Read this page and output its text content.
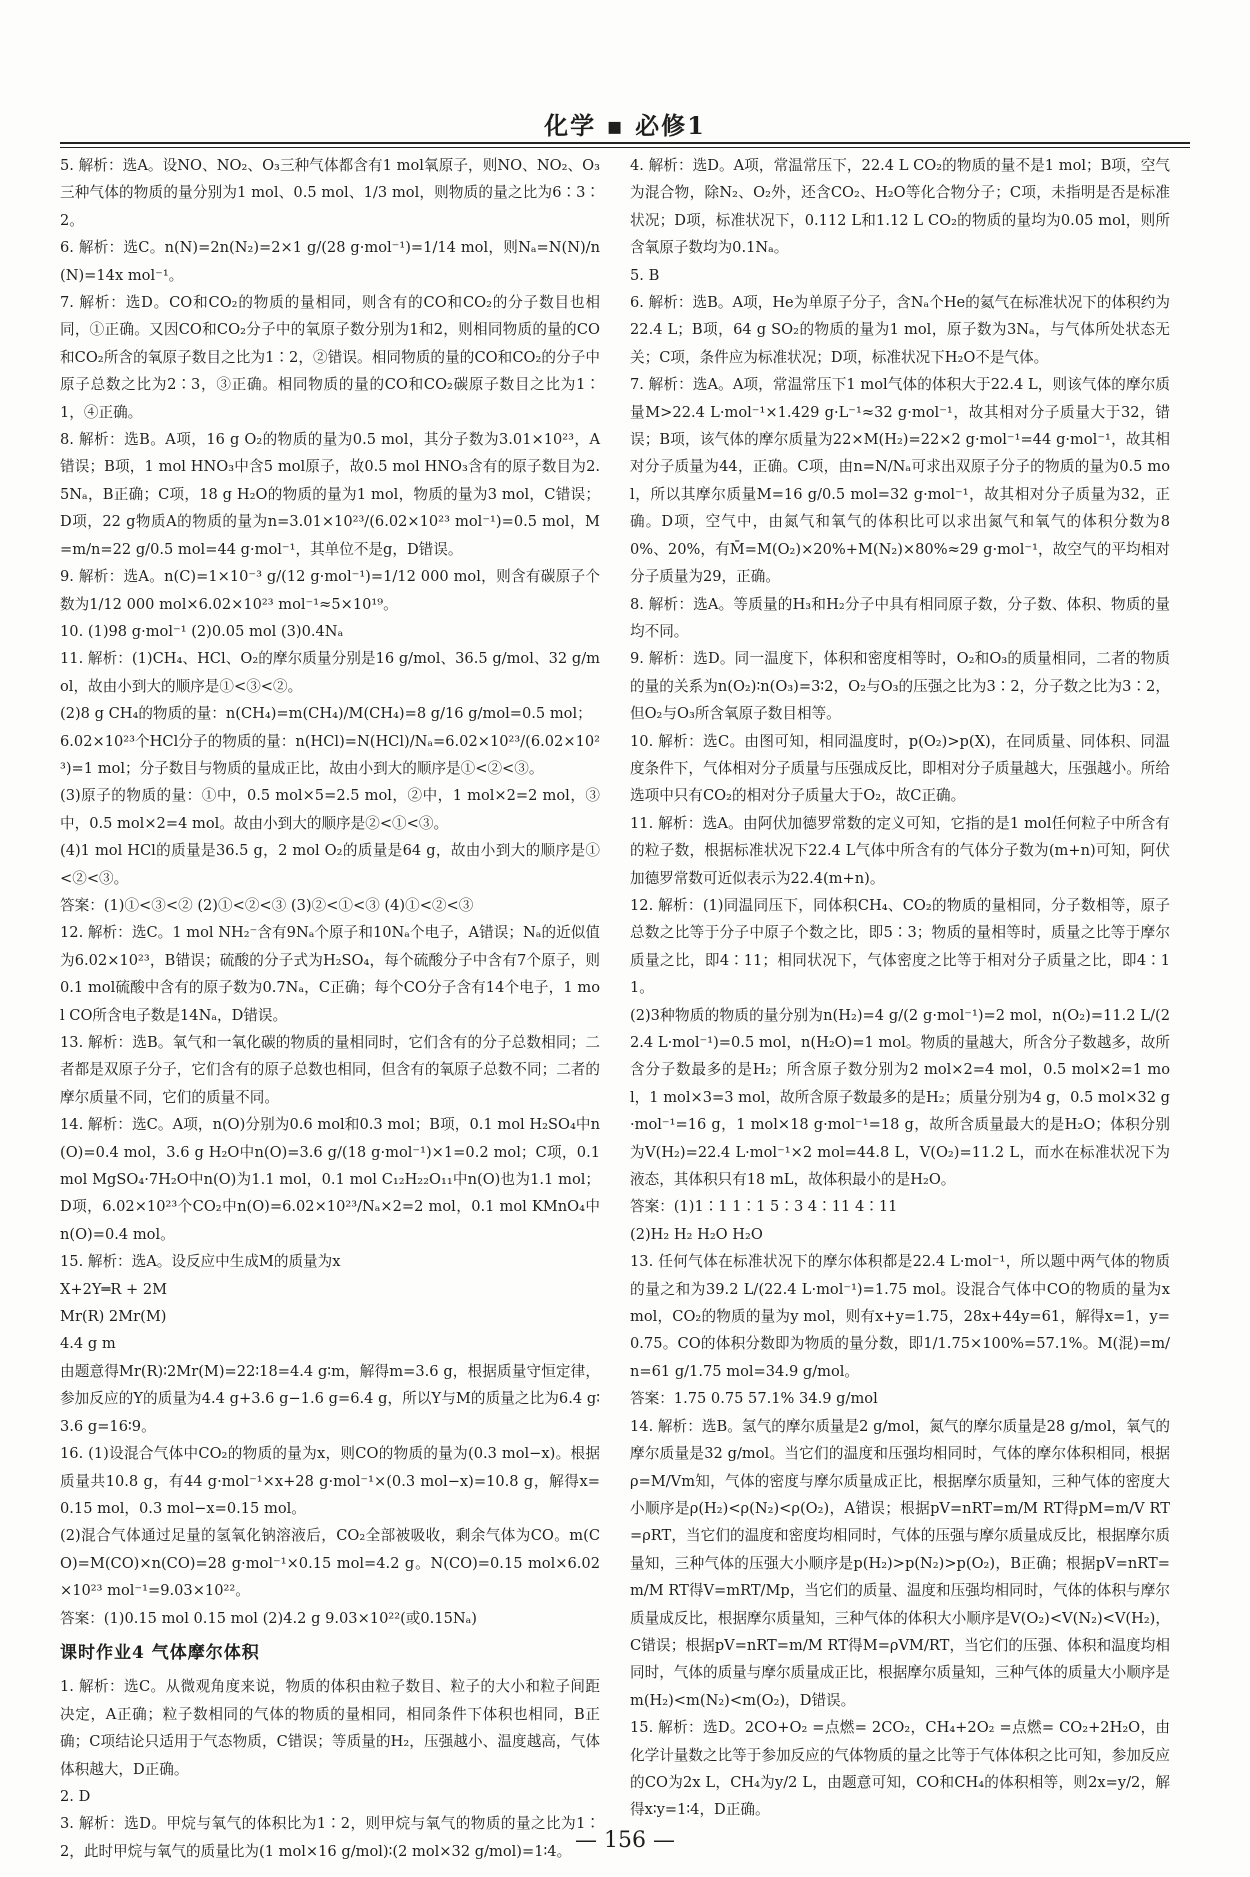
化学 ▪ 必修1

5. 解析：选A。设NO、NO₂、O₃三种气体都含有1 mol氧原子，则NO、NO₂、O₃三种气体的物质的量分别为1 mol、0.5 mol、1/3 mol，则物质的量之比为6∶3∶2。

6. 解析：选C。n(N)=2n(N₂)=2×1 g/(28 g·mol⁻¹)=1/14 mol，则Nₐ=N(N)/n(N)=14x mol⁻¹。

7. 解析：选D。CO和CO₂的物质的量相同，则含有的CO和CO₂的分子数目也相同，①正确。又因CO和CO₂分子中的氧原子数分别为1和2，则相同物质的量的CO和CO₂所含的氧原子数目之比为1∶2，②错误。相同物质的量的CO和CO₂的分子中原子总数之比为2∶3，③正确。相同物质的量的CO和CO₂碳原子数目之比为1∶1，④正确。

8. 解析：选B。A项，16 g O₂的物质的量为0.5 mol，其分子数为3.01×10²³，A错误；B项，1 mol HNO₃中含5 mol原子，故0.5 mol HNO₃含有的原子数目为2.5Nₐ，B正确；C项，18 g H₂O的物质的量为1 mol，物质的量为3 mol，C错误；D项，22 g物质A的物质的量为n=3.01×10²³/(6.02×10²³ mol⁻¹)=0.5 mol，M=m/n=22 g/0.5 mol=44 g·mol⁻¹，其单位不是g，D错误。

9. 解析：选A。n(C)=1×10⁻³ g/(12 g·mol⁻¹)=1/12 000 mol，则含有碳原子个数为1/12 000 mol×6.02×10²³ mol⁻¹≈5×10¹⁹。

10. (1)98 g·mol⁻¹ (2)0.05 mol (3)0.4Nₐ

11. 解析：(1)CH₄、HCl、O₂的摩尔质量分别是16 g/mol、36.5 g/mol、32 g/mol，故由小到大的顺序是①<③<②。

(2)8 g CH₄的物质的量：n(CH₄)=m(CH₄)/M(CH₄)=8 g/16 g/mol=0.5 mol；

6.02×10²³个HCl分子的物质的量：n(HCl)=N(HCl)/Nₐ=6.02×10²³/(6.02×10²³)=1 mol；分子数目与物质的量成正比，故由小到大的顺序是①<②<③。

(3)原子的物质的量：①中，0.5 mol×5=2.5 mol，②中，1 mol×2=2 mol，③中，0.5 mol×2=4 mol。故由小到大的顺序是②<①<③。

(4)1 mol HCl的质量是36.5 g，2 mol O₂的质量是64 g，故由小到大的顺序是①<②<③。

答案：(1)①<③<② (2)①<②<③ (3)②<①<③ (4)①<②<③

12. 解析：选C。1 mol NH₂⁻含有9Nₐ个原子和10Nₐ个电子，A错误；Nₐ的近似值为6.02×10²³，B错误；硫酸的分子式为H₂SO₄，每个硫酸分子中含有7个原子，则0.1 mol硫酸中含有的原子数为0.7Nₐ，C正确；每个CO分子含有14个电子，1 mol CO所含电子数是14Nₐ，D错误。

13. 解析：选B。氧气和一氧化碳的物质的量相同时，它们含有的分子总数相同；二者都是双原子分子，它们含有的原子总数也相同，但含有的氧原子总数不同；二者的摩尔质量不同，它们的质量不同。

14. 解析：选C。A项，n(O)分别为0.6 mol和0.3 mol；B项，0.1 mol H₂SO₄中n(O)=0.4 mol，3.6 g H₂O中n(O)=3.6 g/(18 g·mol⁻¹)×1=0.2 mol；C项，0.1 mol MgSO₄·7H₂O中n(O)为1.1 mol，0.1 mol C₁₂H₂₂O₁₁中n(O)也为1.1 mol；D项，6.02×10²³个CO₂中n(O)=6.02×10²³/Nₐ×2=2 mol，0.1 mol KMnO₄中n(O)=0.4 mol。

15. 解析：选A。设反应中生成M的质量为x

X+2Y═R + 2M

Mr(R) 2Mr(M)

4.4 g m

由题意得Mr(R)∶2Mr(M)=22∶18=4.4 g∶m，解得m=3.6 g，根据质量守恒定律，参加反应的Y的质量为4.4 g+3.6 g−1.6 g=6.4 g，所以Y与M的质量之比为6.4 g∶3.6 g=16∶9。

16. (1)设混合气体中CO₂的物质的量为x，则CO的物质的量为(0.3 mol−x)。根据质量共10.8 g，有44 g·mol⁻¹×x+28 g·mol⁻¹×(0.3 mol−x)=10.8 g，解得x=0.15 mol，0.3 mol−x=0.15 mol。

(2)混合气体通过足量的氢氧化钠溶液后，CO₂全部被吸收，剩余气体为CO。m(CO)=M(CO)×n(CO)=28 g·mol⁻¹×0.15 mol=4.2 g。N(CO)=0.15 mol×6.02×10²³ mol⁻¹=9.03×10²²。

答案：(1)0.15 mol 0.15 mol (2)4.2 g 9.03×10²²(或0.15Nₐ)

课时作业4 气体摩尔体积

1. 解析：选C。从微观角度来说，物质的体积由粒子数目、粒子的大小和粒子间距决定，A正确；粒子数相同的气体的物质的量相同，相同条件下体积也相同，B正确；C项结论只适用于气态物质，C错误；等质量的H₂，压强越小、温度越高，气体体积越大，D正确。

2. D

3. 解析：选D。甲烷与氧气的体积比为1∶2，则甲烷与氧气的物质的量之比为1∶2，此时甲烷与氧气的质量比为(1 mol×16 g/mol)∶(2 mol×32 g/mol)=1∶4。

4. 解析：选D。A项，常温常压下，22.4 L CO₂的物质的量不是1 mol；B项，空气为混合物，除N₂、O₂外，还含CO₂、H₂O等化合物分子；C项，未指明是否是标准状况；D项，标准状况下，0.112 L和1.12 L CO₂的物质的量均为0.05 mol，则所含氧原子数均为0.1Nₐ。

5. B

6. 解析：选B。A项，He为单原子分子，含Nₐ个He的氦气在标准状况下的体积约为22.4 L；B项，64 g SO₂的物质的量为1 mol，原子数为3Nₐ，与气体所处状态无关；C项，条件应为标准状况；D项，标准状况下H₂O不是气体。

7. 解析：选A。A项，常温常压下1 mol气体的体积大于22.4 L，则该气体的摩尔质量M>22.4 L·mol⁻¹×1.429 g·L⁻¹≈32 g·mol⁻¹，故其相对分子质量大于32，错误；B项，该气体的摩尔质量为22×M(H₂)=22×2 g·mol⁻¹=44 g·mol⁻¹，故其相对分子质量为44，正确。C项，由n=N/Nₐ可求出双原子分子的物质的量为0.5 mol，所以其摩尔质量M=16 g/0.5 mol=32 g·mol⁻¹，故其相对分子质量为32，正确。D项，空气中，由氮气和氧气的体积比可以求出氮气和氧气的体积分数为80%、20%，有M̄=M(O₂)×20%+M(N₂)×80%≈29 g·mol⁻¹，故空气的平均相对分子质量为29，正确。

8. 解析：选A。等质量的H₃和H₂分子中具有相同原子数，分子数、体积、物质的量均不同。

9. 解析：选D。同一温度下，体积和密度相等时，O₂和O₃的质量相同，二者的物质的量的关系为n(O₂)∶n(O₃)=3∶2，O₂与O₃的压强之比为3∶2，分子数之比为3∶2，但O₂与O₃所含氧原子数目相等。

10. 解析：选C。由图可知，相同温度时，p(O₂)>p(X)，在同质量、同体积、同温度条件下，气体相对分子质量与压强成反比，即相对分子质量越大，压强越小。所给选项中只有CO₂的相对分子质量大于O₂，故C正确。

11. 解析：选A。由阿伏加德罗常数的定义可知，它指的是1 mol任何粒子中所含有的粒子数，根据标准状况下22.4 L气体中所含有的气体分子数为(m+n)可知，阿伏加德罗常数可近似表示为22.4(m+n)。

12. 解析：(1)同温同压下，同体积CH₄、CO₂的物质的量相同，分子数相等，原子总数之比等于分子中原子个数之比，即5∶3；物质的量相等时，质量之比等于摩尔质量之比，即4∶11；相同状况下，气体密度之比等于相对分子质量之比，即4∶11。

(2)3种物质的物质的量分别为n(H₂)=4 g/(2 g·mol⁻¹)=2 mol，n(O₂)=11.2 L/(22.4 L·mol⁻¹)=0.5 mol，n(H₂O)=1 mol。物质的量越大，所含分子数越多，故所含分子数最多的是H₂；所含原子数分别为2 mol×2=4 mol，0.5 mol×2=1 mol，1 mol×3=3 mol，故所含原子数最多的是H₂；质量分别为4 g，0.5 mol×32 g·mol⁻¹=16 g，1 mol×18 g·mol⁻¹=18 g，故所含质量最大的是H₂O；体积分别为V(H₂)=22.4 L·mol⁻¹×2 mol=44.8 L，V(O₂)=11.2 L，而水在标准状况下为液态，其体积只有18 mL，故体积最小的是H₂O。

答案：(1)1∶1 1∶1 5∶3 4∶11 4∶11

(2)H₂ H₂ H₂O H₂O

13. 任何气体在标准状况下的摩尔体积都是22.4 L·mol⁻¹，所以题中两气体的物质的量之和为39.2 L/(22.4 L·mol⁻¹)=1.75 mol。设混合气体中CO的物质的量为x mol，CO₂的物质的量为y mol，则有x+y=1.75，28x+44y=61，解得x=1，y=0.75。CO的体积分数即为物质的量分数，即1/1.75×100%=57.1%。M(混)=m/n=61 g/1.75 mol=34.9 g/mol。

答案：1.75 0.75 57.1% 34.9 g/mol

14. 解析：选B。氢气的摩尔质量是2 g/mol，氮气的摩尔质量是28 g/mol，氧气的摩尔质量是32 g/mol。当它们的温度和压强均相同时，气体的摩尔体积相同，根据ρ=M/Vm知，气体的密度与摩尔质量成正比，根据摩尔质量知，三种气体的密度大小顺序是ρ(H₂)<ρ(N₂)<ρ(O₂)，A错误；根据pV=nRT=m/M RT得pM=m/V RT=ρRT，当它们的温度和密度均相同时，气体的压强与摩尔质量成反比，根据摩尔质量知，三种气体的压强大小顺序是p(H₂)>p(N₂)>p(O₂)，B正确；根据pV=nRT=m/M RT得V=mRT/Mp，当它们的质量、温度和压强均相同时，气体的体积与摩尔质量成反比，根据摩尔质量知，三种气体的体积大小顺序是V(O₂)<V(N₂)<V(H₂)，C错误；根据pV=nRT=m/M RT得M=ρVM/RT，当它们的压强、体积和温度均相同时，气体的质量与摩尔质量成正比，根据摩尔质量知，三种气体的质量大小顺序是m(H₂)<m(N₂)<m(O₂)，D错误。

15. 解析：选D。2CO+O₂ =点燃= 2CO₂，CH₄+2O₂ =点燃= CO₂+2H₂O，由化学计量数之比等于参加反应的气体物质的量之比等于气体体积之比可知，参加反应的CO为2x L，CH₄为y/2 L，由题意可知，CO和CH₄的体积相等，则2x=y/2，解得x∶y=1∶4，D正确。

— 156 —
